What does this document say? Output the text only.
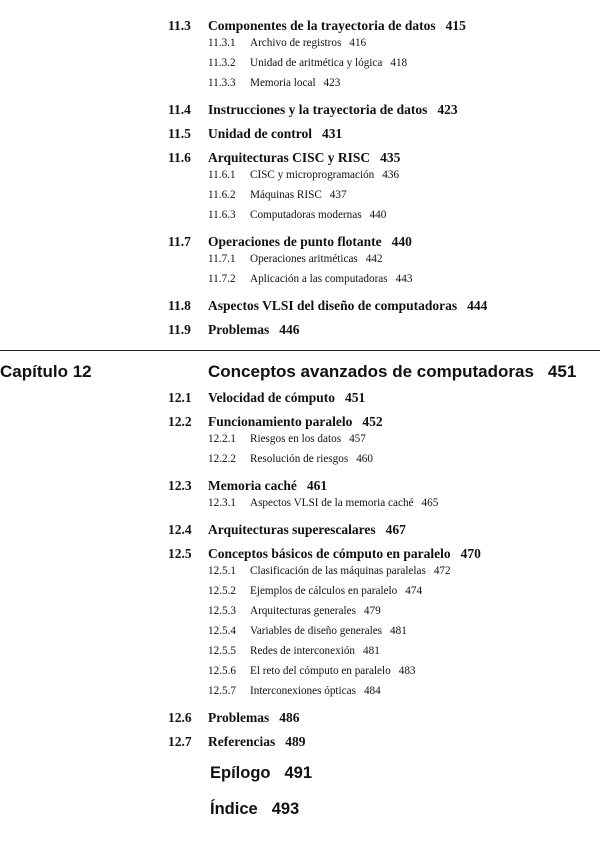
11.3 Componentes de la trayectoria de datos 415
11.3.1 Archivo de registros 416
11.3.2 Unidad de aritmética y lógica 418
11.3.3 Memoria local 423
11.4 Instrucciones y la trayectoria de datos 423
11.5 Unidad de control 431
11.6 Arquitecturas CISC y RISC 435
11.6.1 CISC y microprogramación 436
11.6.2 Máquinas RISC 437
11.6.3 Computadoras modernas 440
11.7 Operaciones de punto flotante 440
11.7.1 Operaciones aritméticas 442
11.7.2 Aplicación a las computadoras 443
11.8 Aspectos VLSI del diseño de computadoras 444
11.9 Problemas 446
Capítulo 12	Conceptos avanzados de computadoras 451
12.1 Velocidad de cómputo 451
12.2 Funcionamiento paralelo 452
12.2.1 Riesgos en los datos 457
12.2.2 Resolución de riesgos 460
12.3 Memoria caché 461
12.3.1 Aspectos VLSI de la memoria caché 465
12.4 Arquitecturas superescalares 467
12.5 Conceptos básicos de cómputo en paralelo 470
12.5.1 Clasificación de las máquinas paralelas 472
12.5.2 Ejemplos de cálculos en paralelo 474
12.5.3 Arquitecturas generales 479
12.5.4 Variables de diseño generales 481
12.5.5 Redes de interconexión 481
12.5.6 El reto del cómputo en paralelo 483
12.5.7 Interconexiones ópticas 484
12.6 Problemas 486
12.7 Referencias 489
Epílogo 491
Índice 493
